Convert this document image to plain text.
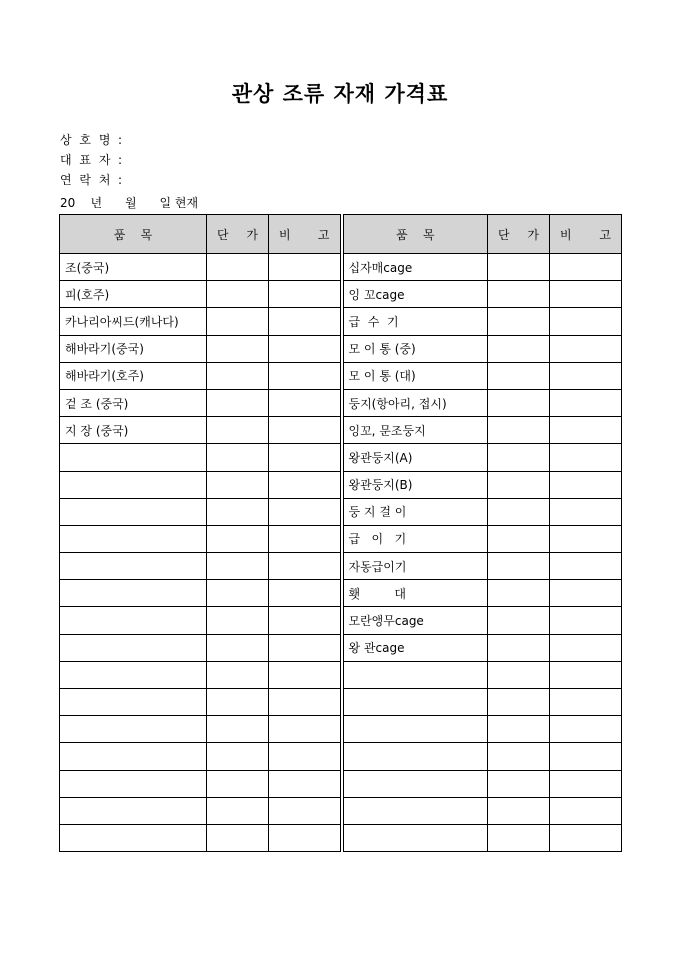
관상 조류 자재 가격표
상 호 명 :
대 표 자 :
연 락 처 :
20    년      월      일 현재
품    목	단    가	비    고	품    목	단    가	비    고
조(중국)			십자매cage		
피(호주)			잉 꼬cage		
카나리아씨드(캐나다)			급  수  기		
해바라기(중국)			모 이 통 (중)		
해바라기(호주)			모 이 통 (대)		
겉 조 (중국)			둥지(항아리, 접시)		
지 장 (중국)			잉꼬, 문조둥지		
			왕관둥지(A)		
			왕관둥지(B)		
			둥 지 걸 이		
			급   이   기		
			자동급이기		
			횃         대		
			모란앵무cage		
			왕 관cage		
